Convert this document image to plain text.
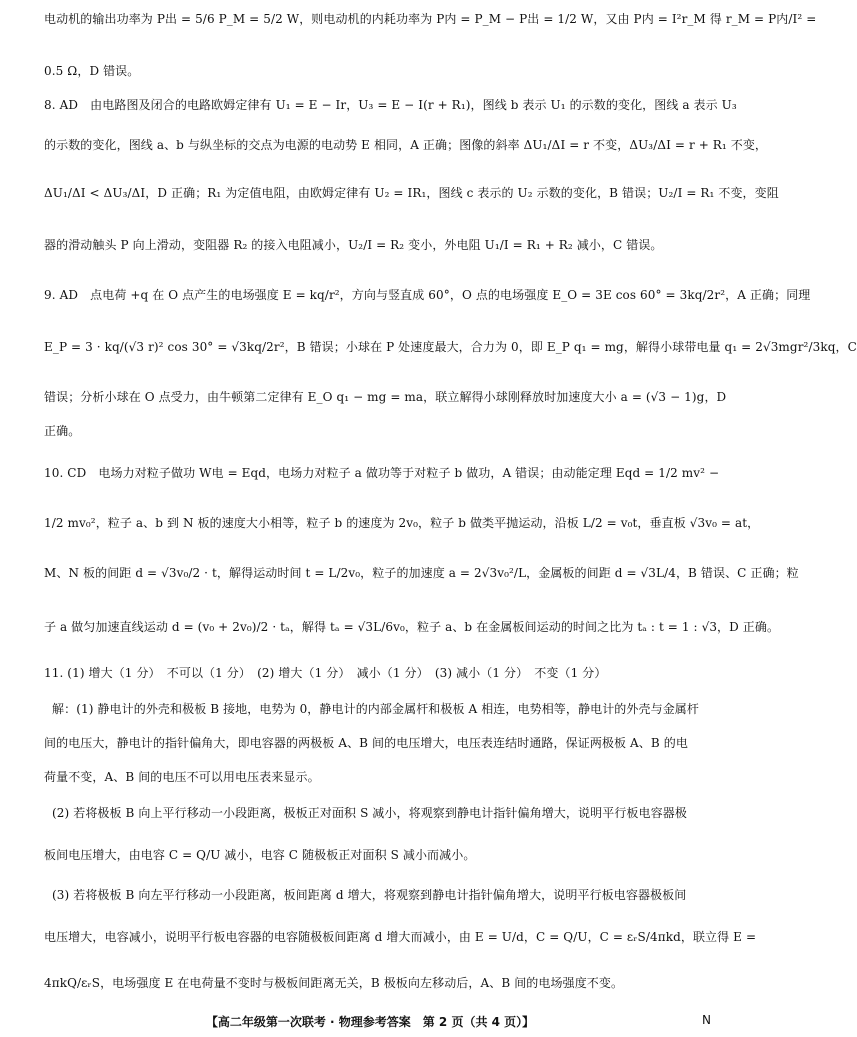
电动机的输出功率为 P出 = 5/6 P_M = 5/2 W，则电动机的内耗功率为 P内 = P_M − P出 = 1/2 W，又由 P内 = I²r_M 得 r_M = P内/I² =
0.5 Ω，D 错误。
8. AD　由电路图及闭合的电路欧姆定律有 U₁ = E − Ir，U₃ = E − I(r + R₁)，图线 b 表示 U₁ 的示数的变化，图线 a 表示 U₃
的示数的变化，图线 a、b 与纵坐标的交点为电源的电动势 E 相同，A 正确；图像的斜率 ΔU₁/ΔI = r 不变，ΔU₃/ΔI = r + R₁ 不变，
ΔU₁/ΔI < ΔU₃/ΔI，D 正确；R₁ 为定值电阻，由欧姆定律有 U₂ = IR₁，图线 c 表示的 U₂ 示数的变化，B 错误；U₂/I = R₁ 不变，变阻
器的滑动触头 P 向上滑动，变阻器 R₂ 的接入电阻减小，U₂/I = R₂ 变小，外电阻 U₁/I = R₁ + R₂ 减小，C 错误。
9. AD　点电荷 +q 在 O 点产生的电场强度 E = kq/r²，方向与竖直成 60°，O 点的电场强度 E_O = 3E cos 60° = 3kq/2r²，A 正确；同理
E_P = 3 · kq/(√3 r)² cos 30° = √3kq/2r²，B 错误；小球在 P 处速度最大，合力为 0，即 E_P q₁ = mg，解得小球带电量 q₁ = 2√3mgr²/3kq，C
错误；分析小球在 O 点受力，由牛顿第二定律有 E_O q₁ − mg = ma，联立解得小球刚释放时加速度大小 a = (√3 − 1)g，D
正确。
10. CD　电场力对粒子做功 W电 = Eqd，电场力对粒子 a 做功等于对粒子 b 做功，A 错误；由动能定理 Eqd = 1/2 mv² −
1/2 mv₀²，粒子 a、b 到 N 板的速度大小相等，粒子 b 的速度为 2v₀，粒子 b 做类平抛运动，沿板 L/2 = v₀t，垂直板 √3v₀ = at，
M、N 板的间距 d = √3v₀/2 · t，解得运动时间 t = L/2v₀，粒子的加速度 a = 2√3v₀²/L，金属板的间距 d = √3L/4，B 错误、C 正确；粒
子 a 做匀加速直线运动 d = (v₀ + 2v₀)/2 · tₐ，解得 tₐ = √3L/6v₀，粒子 a、b 在金属板间运动的时间之比为 tₐ : t = 1 : √3，D 正确。
11. (1) 增大（1 分）　不可以（1 分）　(2) 增大（1 分）　减小（1 分）　(3) 减小（1 分）　不变（1 分）
解：(1) 静电计的外壳和极板 B 接地，电势为 0，静电计的内部金属杆和极板 A 相连，电势相等，静电计的外壳与金属杆
间的电压大，静电计的指针偏角大，即电容器的两极板 A、B 间的电压增大，电压表连结时通路，保证两极板 A、B 的电
荷量不变，A、B 间的电压不可以用电压表来显示。
(2) 若将极板 B 向上平行移动一小段距离，极板正对面积 S 减小，将观察到静电计指针偏角增大，说明平行板电容器极
板间电压增大，由电容 C = Q/U 减小，电容 C 随极板正对面积 S 减小而减小。
(3) 若将极板 B 向左平行移动一小段距离，板间距离 d 增大，将观察到静电计指针偏角增大，说明平行板电容器极板间
电压增大，电容减小，说明平行板电容器的电容随极板间距离 d 增大而减小，由 E = U/d，C = Q/U，C = εᵣS/4πkd，联立得 E =
4πkQ/εᵣS，电场强度 E 在电荷量不变时与极板间距离无关，B 极板向左移动后，A、B 间的电场强度不变。
【高二年级第一次联考 · 物理参考答案　第 2 页（共 4 页）】	N
